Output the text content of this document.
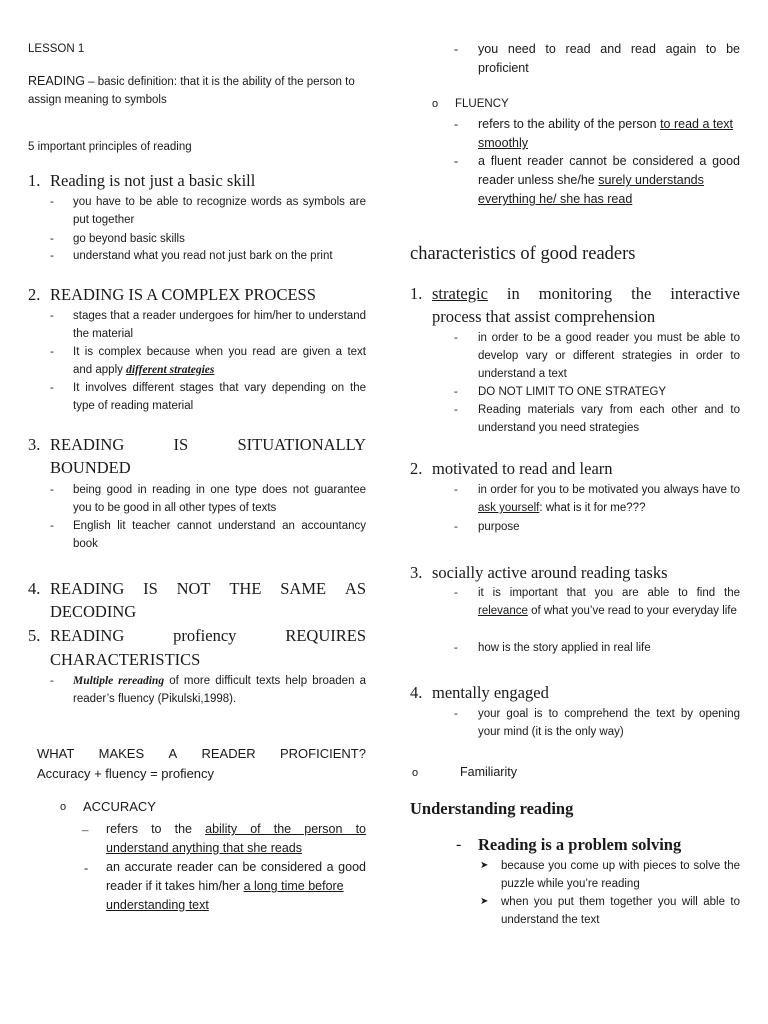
LESSON 1
READING – basic definition: that it is the ability of the person to assign meaning to symbols
5 important principles of reading
1. Reading is not just a basic skill
- you have to be able to recognize words as symbols are put together
- go beyond basic skills
- understand what you read not just bark on the print
2. READING IS A COMPLEX PROCESS
- stages that a reader undergoes for him/her to understand the material
- It is complex because when you read are given a text and apply different strategies
- It involves different stages that vary depending on the type of reading material
3. READING	IS	SITUATIONALLY
BOUNDED
- being good in reading in one type does not guarantee you to be good in all other types of texts
- English lit teacher cannot understand an accountancy book
4. READING IS NOT THE SAME AS
DECODING
5. READING	profiency	REQUIRES
CHARACTERISTICS
- Multiple rereading of more difficult texts help broaden a reader’s fluency (Pikulski,1998).
WHAT MAKES A READER PROFICIENT?
Accuracy + fluency = profiency
o ACCURACY
– refers to the ability of the person to
understand anything that she reads
- an accurate reader can be considered a good reader if it takes him/her a long time before
understanding text
- you need to read and read again to be proficient
o FLUENCY
- refers to the ability of the person to read a text
smoothly
- a fluent reader cannot be considered a good reader unless she/he surely understands
everything he/ she has read
characteristics of good readers
1. strategic in monitoring the interactive
process that assist comprehension
- in order to be a good reader you must be able to develop vary or different strategies in order to understand a text
- DO NOT LIMIT TO ONE STRATEGY
- Reading materials vary from each other and to understand you need strategies
2. motivated to read and learn
- in order for you to be motivated you always have to ask yourself: what is it for me???
- purpose
3. socially active around reading tasks
- it is important that you are able to find the relevance of what you’ve read to your everyday life
- how is the story applied in real life
4. mentally engaged
- your goal is to comprehend the text by opening your mind (it is the only way)
o	Familiarity
Understanding reading
- Reading is a problem solving
➤ because you come up with pieces to solve the puzzle while you’re reading
➤ when you put them together you will able to understand the text
